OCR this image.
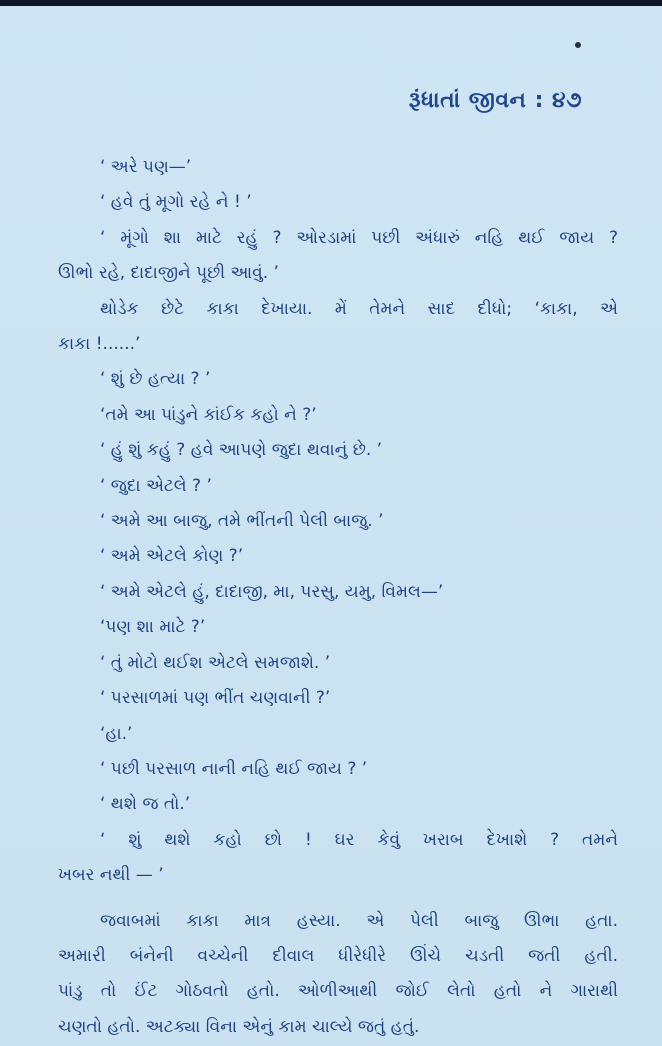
રૂંધાતાં જીવન : ૪૭

‘ અરે પણ—’

‘ હવે તું મૂગો રહે ને ! ’

‘ મૂંગો શા માટે રહું ? ઓરડામાં પછી અંધારું નહિ થઈ જાય ?

ઊભો રહે, દાદાજીને પૂછી આવું. ’

થોડેક છેટે કાકા દેખાયા. મેં તેમને સાદ દીધો; ‘કાકા, એ

કાકા !......’

‘ શું છે હત્યા ? ’

‘તમે આ પાંડુને કાંઈક કહો ને ?’

‘ હું શું કહું ? હવે આપણે જુદા થવાનું છે. ’

‘ જુદા એટલે ? ’

‘ અમે આ બાજુ, તમે ભીંતની પેલી બાજુ. ’

‘ અમે એટલે કોણ ?’

‘ અમે એટલે હું, દાદાજી, મા, પરસુ, યમુ, વિમલ—’

‘પણ શા માટે ?’

‘ તું મોટો થઈશ એટલે સમજાશે. ’

‘ પરસાળમાં પણ ભીંત ચણવાની ?’

‘હા.’

‘ પછી પરસાળ નાની નહિ થઈ જાય ? ’

‘ થશે જ તો.’

‘ શું થશે કહો છો ! ઘર કેવું ખરાબ દેખાશે ? તમને

ખબર નથી — ’

જવાબમાં કાકા માત્ર હસ્યા. એ પેલી બાજુ ઊભા હતા.

અમારી બંનેની વચ્ચેની દીવાલ ધીરેધીરે ઊંચે ચડતી જતી હતી.

પાંડુ તો ઈંટ ગોઠવતો હતો. ઓળીઆથી જોઈ લેતો હતો ને ગારાથી

ચણતો હતો. અટક્યા વિના એનું કામ ચાલ્યે જતું હતું.
